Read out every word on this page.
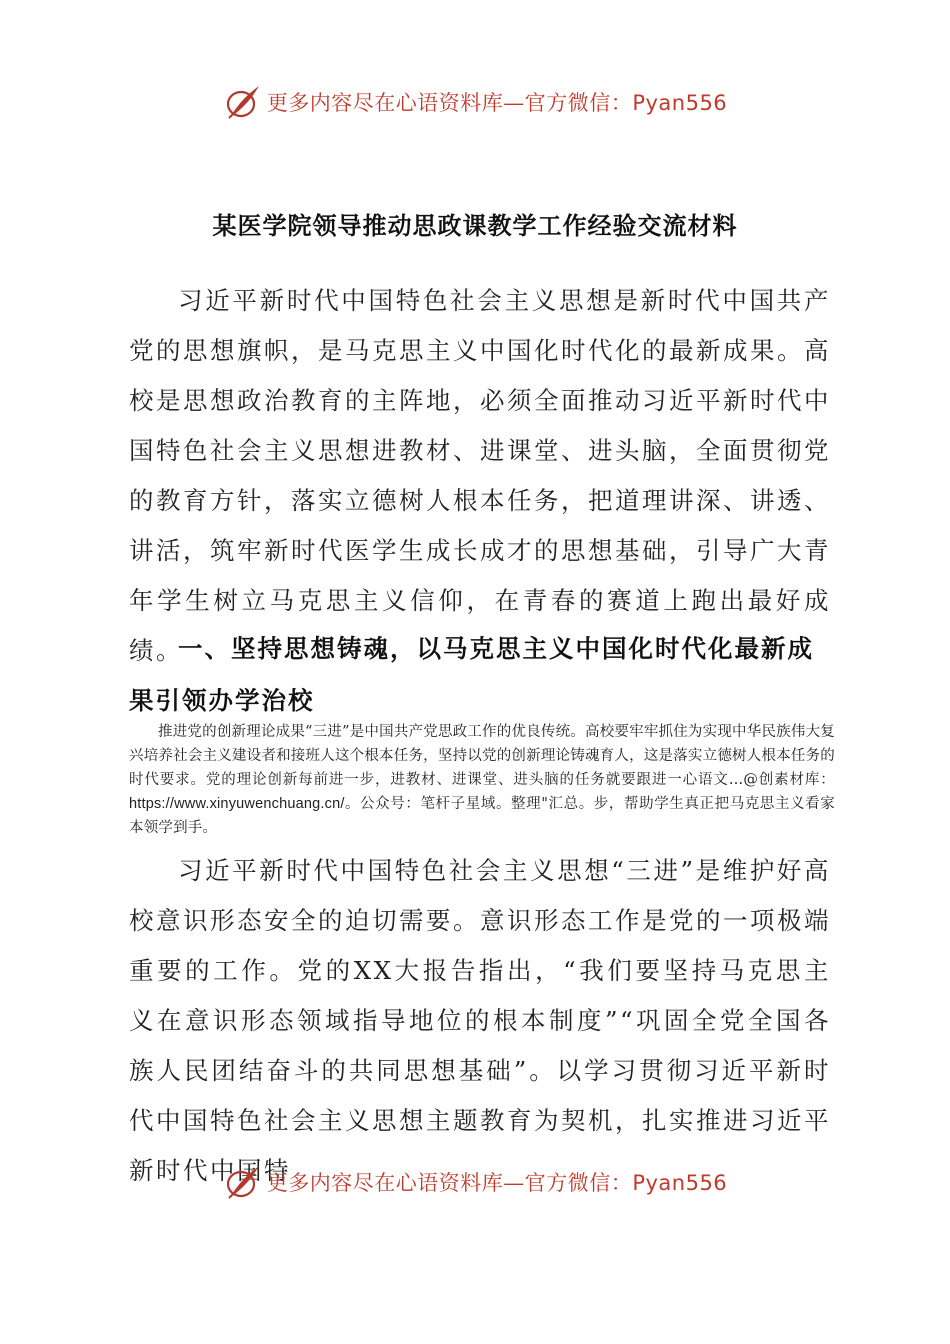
更多内容尽在心语资料库—官方微信：Pyan556
某医学院领导推动思政课教学工作经验交流材料

习近平新时代中国特色社会主义思想是新时代中国共产党的思想旗帜，是马克思主义中国化时代化的最新成果。高校是思想政治教育的主阵地，必须全面推动习近平新时代中国特色社会主义思想进教材、进课堂、进头脑，全面贯彻党的教育方针，落实立德树人根本任务，把道理讲深、讲透、讲活，筑牢新时代医学生成长成才的思想基础，引导广大青年学生树立马克思主义信仰，在青春的赛道上跑出最好成绩。

一、坚持思想铸魂，以马克思主义中国化时代化最新成果引领办学治校

推进党的创新理论成果“三进”是中国共产党思政工作的优良传统。高校要牢牢抓住为实现中华民族伟大复兴培养社会主义建设者和接班人这个根本任务，坚持以党的创新理论铸魂育人，这是落实立德树人根本任务的时代要求。党的理论创新每前进一步，进教材、进课堂、进头脑的任务就要跟进一心语文…@创素材库：https://www.xinyuwenchuang.cn/。公众号：笔杆子星域。整理"汇总。步，帮助学生真正把马克思主义看家本领学到手。

习近平新时代中国特色社会主义思想“三进”是维护好高校意识形态安全的迫切需要。意识形态工作是党的一项极端重要的工作。党的XX大报告指出，“我们要坚持马克思主义在意识形态领域指导地位的根本制度”“巩固全党全国各族人民团结奋斗的共同思想基础”。以学习贯彻习近平新时代中国特色社会主义思想主题教育为契机，扎实推进习近平新时代中国特

更多内容尽在心语资料库—官方微信：Pyan556
